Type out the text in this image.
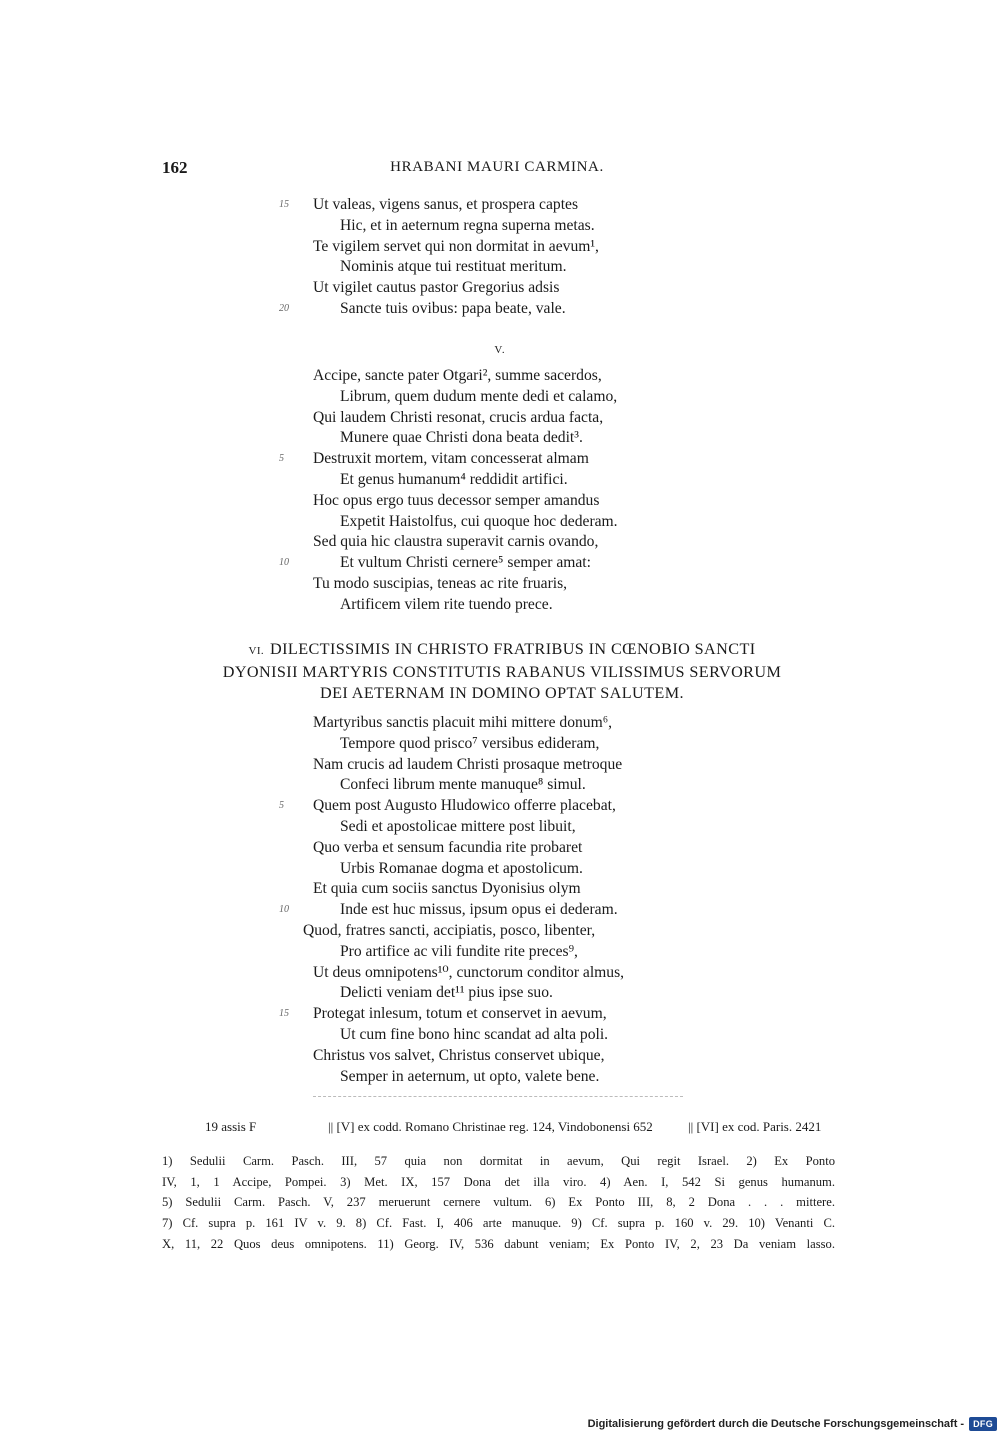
162	HRABANI MAURI CARMINA.
15 Ut valeas, vigens sanus, et prospera captes
Hic, et in aeternum regna superna metas.
Te vigilem servet qui non dormitat in aevum¹,
Nominis atque tui restituat meritum.
Ut vigilet cautus pastor Gregorius adsis
20	Sancte tuis ovibus: papa beate, vale.
V.
Accipe, sancte pater Otgari², summe sacerdos,
Librum, quem dudum mente dedi et calamo,
Qui laudem Christi resonat, crucis ardua facta,
Munere quae Christi dona beata dedit³.
5 Destruxit mortem, vitam concesserat almam
Et genus humanum⁴ reddidit artifici.
Hoc opus ergo tuus decessor semper amandus
Expetit Haistolfus, cui quoque hoc dederam.
Sed quia hic claustra superavit carnis ovando,
10	Et vultum Christi cernere⁵ semper amat:
Tu modo suscipias, teneas ac rite fruaris,
Artificem vilem rite tuendo prece.
VI. DILECTISSIMIS IN CHRISTO FRATRIBUS IN CŒNOBIO SANCTI
DYONISII MARTYRIS CONSTITUTIS RABANUS VILISSIMUS SERVORUM
DEI AETERNAM IN DOMINO OPTAT SALUTEM.
Martyribus sanctis placuit mihi mittere donum⁶,
Tempore quod prisco⁷ versibus edideram,
Nam crucis ad laudem Christi prosaque metroque
Confeci librum mente manuque⁸ simul.
5 Quem post Augusto Hludowico offerre placebat,
Sedi et apostolicae mittere post libuit,
Quo verba et sensum facundia rite probaret
Urbis Romanae dogma et apostolicum.
Et quia cum sociis sanctus Dyonisius olym
10	Inde est huc missus, ipsum opus ei dederam.
Quod, fratres sancti, accipiatis, posco, libenter,
Pro artifice ac vili fundite rite preces⁹,
Ut deus omnipotens¹⁰, cunctorum conditor almus,
Delicti veniam det¹¹ pius ipse suo.
15 Protegat inlesum, totum et conservet in aevum,
Ut cum fine bono hinc scandat ad alta poli.
Christus vos salvet, Christus conservet ubique,
Semper in aeternum, ut opto, valete bene.
19 assis F	|| [V] ex codd. Romano Christinae reg. 124, Vindobonensi 652	|| [VI] ex cod. Paris. 2421
1) Sedulii Carm. Pasch. III, 57 quia non dormitat in aevum, Qui regit Israel. 2) Ex Ponto
IV, 1, 1 Accipe, Pompei. 3) Met. IX, 157 Dona det illa viro. 4) Aen. I, 542 Si genus humanum.
5) Sedulii Carm. Pasch. V, 237 meruerunt cernere vultum. 6) Ex Ponto III, 8, 2 Dona . . . mittere.
7) Cf. supra p. 161 IV v. 9. 8) Cf. Fast. I, 406 arte manuque. 9) Cf. supra p. 160 v. 29. 10) Venanti C.
X, 11, 22 Quos deus omnipotens. 11) Georg. IV, 536 dabunt veniam; Ex Ponto IV, 2, 23 Da veniam lasso.
Digitalisierung gefördert durch die Deutsche Forschungsgemeinschaft -	DFG
